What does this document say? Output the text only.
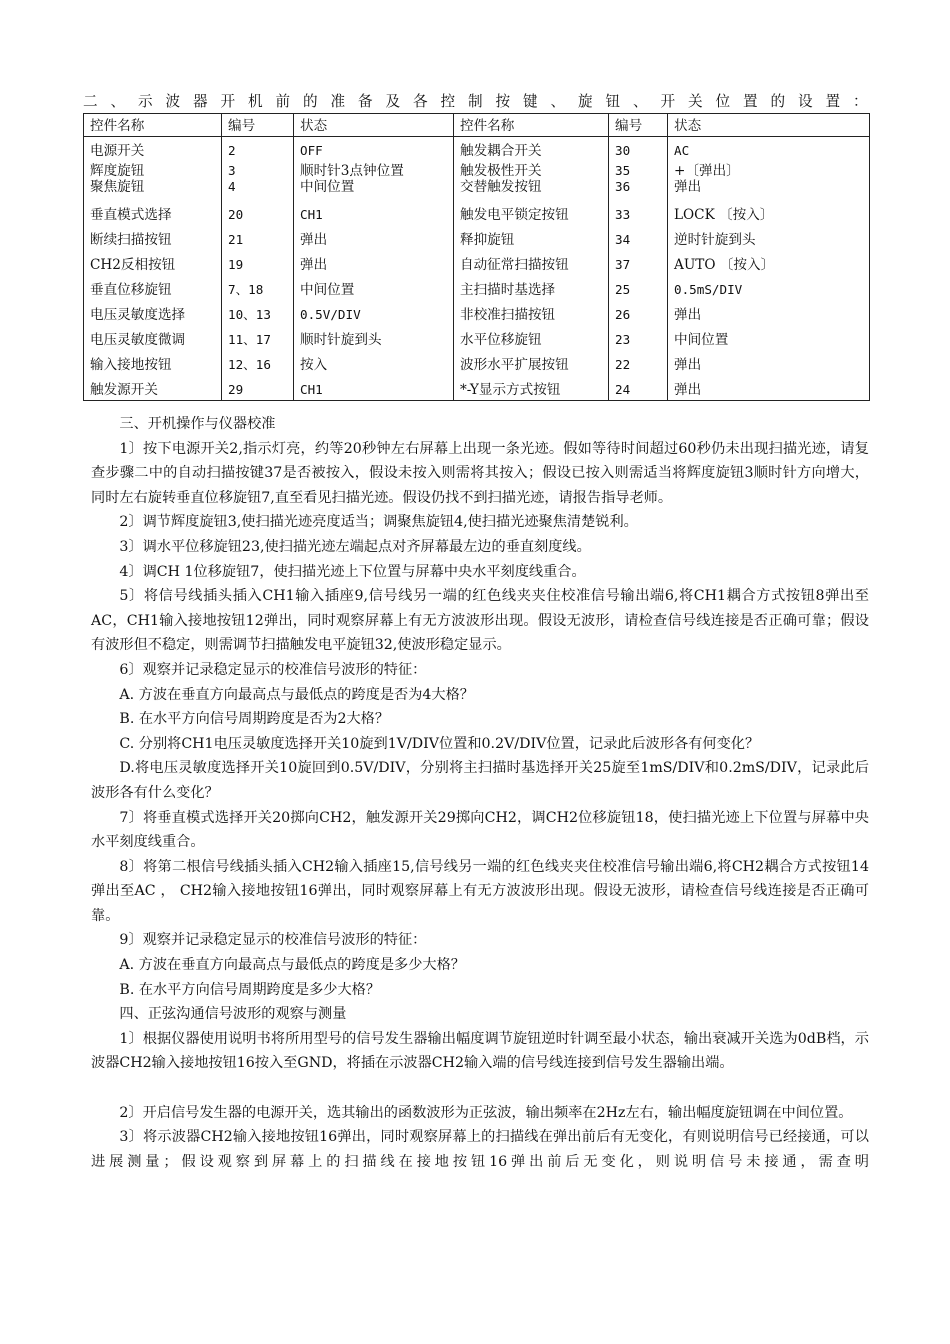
二 、 示 波 器 开 机 前 的 准 备 及 各 控 制 按 键 、 旋 钮 、 开 关 位 置 的 设 置 ：
控件名称	编号	状态	控件名称	编号	状态
电源开关	2	OFF	触发耦合开关	30	AC
辉度旋钮	3	顺时针3点钟位置	触发极性开关	35	+〔弹出〕
聚焦旋钮	4	中间位置	交替触发按钮	36	弹出
垂直模式选择	20	CH1	触发电平锁定按钮	33	LOCK 〔按入〕
断续扫描按钮	21	弹出	释抑旋钮	34	逆时针旋到头
CH2反相按钮	19	弹出	自动征常扫描按钮	37	AUTO 〔按入〕
垂直位移旋钮	7、18	中间位置	主扫描时基选择	25	0.5mS/DIV
电压灵敏度选择	10、13	0.5V/DIV	非校准扫描按钮	26	弹出
电压灵敏度微调	11、17	顺时针旋到头	水平位移旋钮	23	中间位置
输入接地按钮	12、16	按入	波形水平扩展按钮	22	弹出
触发源开关	29	CH1	*-Y显示方式按钮	24	弹出

三、开机操作与仪器校准

1〕按下电源开关2,指示灯亮，约等20秒钟左右屏幕上出现一条光迹。假如等待时间超过60秒仍未出现扫描光迹，请复查步骤二中的自动扫描按键37是否被按入，假设未按入则需将其按入；假设已按入则需适当将辉度旋钮3顺时针方向增大，同时左右旋转垂直位移旋钮7,直至看见扫描光迹。假设仍找不到扫描光迹，请报告指导老师。

2〕调节辉度旋钮3,使扫描光迹亮度适当；调聚焦旋钮4,使扫描光迹聚焦清楚锐利。

3〕调水平位移旋钮23,使扫描光迹左端起点对齐屏幕最左边的垂直刻度线。

4〕调CH 1位移旋钮7，使扫描光迹上下位置与屏幕中央水平刻度线重合。

5〕将信号线插头插入CH1输入插座9,信号线另一端的红色线夹夹住校准信号输出端6,将CH1耦合方式按钮8弹出至AC，CH1输入接地按钮12弹出，同时观察屏幕上有无方波波形出现。假设无波形，请检查信号线连接是否正确可靠；假设有波形但不稳定，则需调节扫描触发电平旋钮32,使波形稳定显示。

6〕观察并记录稳定显示的校准信号波形的特征：

A. 方波在垂直方向最高点与最低点的跨度是否为4大格？

B. 在水平方向信号周期跨度是否为2大格？

C. 分别将CH1电压灵敏度选择开关10旋到1V/DIV位置和0.2V/DIV位置，记录此后波形各有何变化？

D.将电压灵敏度选择开关10旋回到0.5V/DIV，分别将主扫描时基选择开关25旋至1mS/DIV和0.2mS/DIV，记录此后波形各有什么变化？

7〕将垂直模式选择开关20掷向CH2，触发源开关29掷向CH2，调CH2位移旋钮18，使扫描光迹上下位置与屏幕中央水平刻度线重合。

8〕将第二根信号线插头插入CH2输入插座15,信号线另一端的红色线夹夹住校准信号输出端6,将CH2耦合方式按钮14弹出至AC ， CH2输入接地按钮16弹出，同时观察屏幕上有无方波波形出现。假设无波形，请检查信号线连接是否正确可靠。

9〕观察并记录稳定显示的校准信号波形的特征：

A. 方波在垂直方向最高点与最低点的跨度是多少大格？

B. 在水平方向信号周期跨度是多少大格？

四、正弦沟通信号波形的观察与测量

1〕根据仪器使用说明书将所用型号的信号发生器输出幅度调节旋钮逆时针调至最小状态，输出衰减开关选为0dB档，示波器CH2输入接地按钮16按入至GND，将插在示波器CH2输入端的信号线连接到信号发生器输出端。

2〕开启信号发生器的电源开关，选其输出的函数波形为正弦波，输出频率在2Hz左右，输出幅度旋钮调在中间位置。

3〕将示波器CH2输入接地按钮16弹出，同时观察屏幕上的扫描线在弹出前后有无变化，有则说明信号已经接通，可以进展测量；假设观察到屏幕上的扫描线在接地按钮16弹出前后无变化，则说明信号未接通，需查明
